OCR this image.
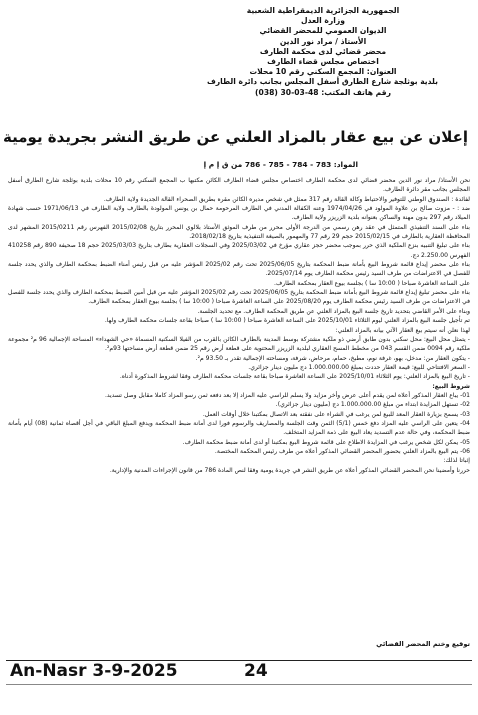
الجمهورية الجزائرية الديمقراطية الشعبية
وزارة العدل
الديوان العمومي للمحضر القضائي
الأستاذ / مراد نور الدين
محضر قضائي لدى محكمة الطارف
اختصاص مجلس قضاء الطارف
العنوان: المجمع السكني رقم 10 محلات
بلدية بوثلجة شارع الطارق أسفل المجلس بجانب دائرة الطارف
رقم هاتف المكتب: 48-03-30 (038)
إعلان عن بيع عقار بالمزاد العلني عن طريق النشر بجريدة يومية
المواد: 783 - 784 - 785 - 786 من ق إ م إ

نحن الأستاذ/ مراد نور الدين محضر قضائي لدى محكمة الطارف اختصاص مجلس قضاء الطارف الكائن مكتبها ب المجمع السكني رقم 10 محلات بلدية بوثلجة شارع الطارق أسفل المجلس بجانب مقر دائرة الطارف.

لفائدة : الصندوق الوطني للتوفير والاحتياط وكالة القالة رقم 317 ممثل في شخص مديره الكائن مقره بطريق الصحراء القالة الجديدة ولاية الطارف.

ضد : - مزوت صالح بن علاوة المولود في 1974/04/26 وعنه الكفالة المدني في الطارف المرحومة حمال بن يونس المولودة بالطارف ولاية الطارف في 1971/06/13 حسب شهادة الميلاد رقم 297 بدون مهنة والساكن بعنوانه بلدية الزريزر ولاية الطارف.

بناء على السند التنفيذي المتمثل في عقد رهن رسمي من الدرجة الأولى محرر من طرف الموثق الأستاذ بلالوي المحرر بتاريخ 2015/02/08 الفهرس رقم 2015/0211 المشهر لدى المحافظة العقارية بالطارف في 2015/02/15 حجم 29 رقم 77 والمهمور بالصيغة التنفيذية بتاريخ 2018/02/18.

بناء على تبليغ التنبيه بنزع الملكية الذي حرر بموجب محضر حجز عقاري مؤرخ في 2025/03/02 وفي السجلات العقارية بطارف بتاريخ 2025/03/03 حجم 18 صحيفة 890 رقم 410258 الفهرس 2.250.00 دج.

بناء على محضر إيداع قائمة شروط البيع بأمانة ضبط المحكمة بتاريخ 2025/06/05 تحت رقم 2025/02 المؤشر عليه من قبل رئيس أمناء الضبط بمحكمة الطارف والذي يحدد جلسة للفصل في الاعتراضات من طرف السيد رئيس محكمة الطارف يوم 2025/07/14.

على الساعة العاشرة صباحا ( 10:00 سا ) بجلسة بيوع العقار بمحكمة الطارف.

بناء على محضر تبليغ إيداع قائمة شروط البيع بأمانة ضبط المحكمة بتاريخ 2025/06/05 تحت رقم 2025/02 المؤشر عليه من قبل أمين الضبط بمحكمة الطارف والذي يحدد جلسة للفصل في الاعتراضات من طرف السيد رئيس محكمة الطارف يوم 2025/08/20 على الساعة العاشرة صباحا ( 10:00 سا ) بجلسة بيوع العقار بمحكمة الطارف.

وبناء على الأمر القاضي بتحديد تاريخ جلسة البيع بالمزاد العلني عن طريق المحكمة الطارف. مع تحديد الجلسة.

تم تأجيل جلسة البيع بالمزاد العلني ليوم الثلاثاء 2025/10/01 على الساعة العاشرة صباحا ( 10:00 سا ) صباحا بقاعة جلسات محكمة الطارف ولها.

لهذا نعلن أنه سيتم بيع العقار الآتي بيانه بالمزاد العلني:

- يتمثل محل البيع: محل سكني بدون طابق أرضي ذو ملكية مشتركة بوسط المدينة بالطارف الكائن بالقرب من الفيلا السكنية المسماة «حي الشهداء» المساحة الإجمالية 96 م² مجموعة ملكية رقم 0094 ضمن القسم 043 من مخطط المسح العقاري لبلدية الزريزر المحتوية على قطعة أرض رقم 25 ضمن قطعة أرض مساحتها 93م².

- يتكون العقار من: مدخل، بهو، غرفة نوم، مطبخ، حمام، مرحاض، شرفة، ومساحته الإجمالية تقدر بـ 93.50 م².

- السعر الافتتاحي للبيع: قيمة العقار حددت بمبلغ 1.000.000.00 دج مليون دينار جزائري.

- تاريخ البيع بالمزاد العلني: يوم الثلاثاء 2025/10/01 على الساعة العاشرة صباحا بقاعة جلسات محكمة الطارف وفقا لشروط المذكورة أدناه.

شروط البيع:

01- يباع العقار المذكور أعلاه لمن يقدم أعلى عرض وأخر مزايد ولا يسلم للراسي عليه المزاد إلا بعد دفعه ثمن رسو المزاد كاملا مقابل وصل تسديد.

02- تستهل المزايدة ابتداء من مبلغ 1.000.000.00 دج (مليون دينار جزائري).

03- يسمح بزيارة العقار المعد للبيع لمن يرغب في الشراء على نفقته بعد الاتصال بمكتبنا خلال أوقات العمل.

04- يتعين على الراسي عليه المزاد دفع خمس (5/1) الثمن وقت الجلسة والمصاريف والرسوم فورا لدى أمانة ضبط المحكمة ويدفع المبلغ الباقي في أجل أقصاه ثمانية (08) أيام بأمانة ضبط المحكمة، وفي حالة عدم التسديد يعاد البيع على ذمة المزايد المتخلف.

05- يمكن لكل شخص يرغب في المزايدة الاطلاع على قائمة شروط البيع بمكتبنا أو لدى أمانة ضبط محكمة الطارف.

06- يتم البيع بالمزاد العلني بحضور المحضر القضائي المذكور أعلاه من طرف رئيس المحكمة المختصة.

إثباتا لذلك:

حررنا وأمضينا نحن المحضر القضائي المذكور أعلاه عن طريق النشر في جريدة يومية وفقا لنص المادة 786 من قانون الإجراءات المدنية والإدارية.

توقيع وختم المحضر القضائي
An-Nasr 3-9-2025	24
